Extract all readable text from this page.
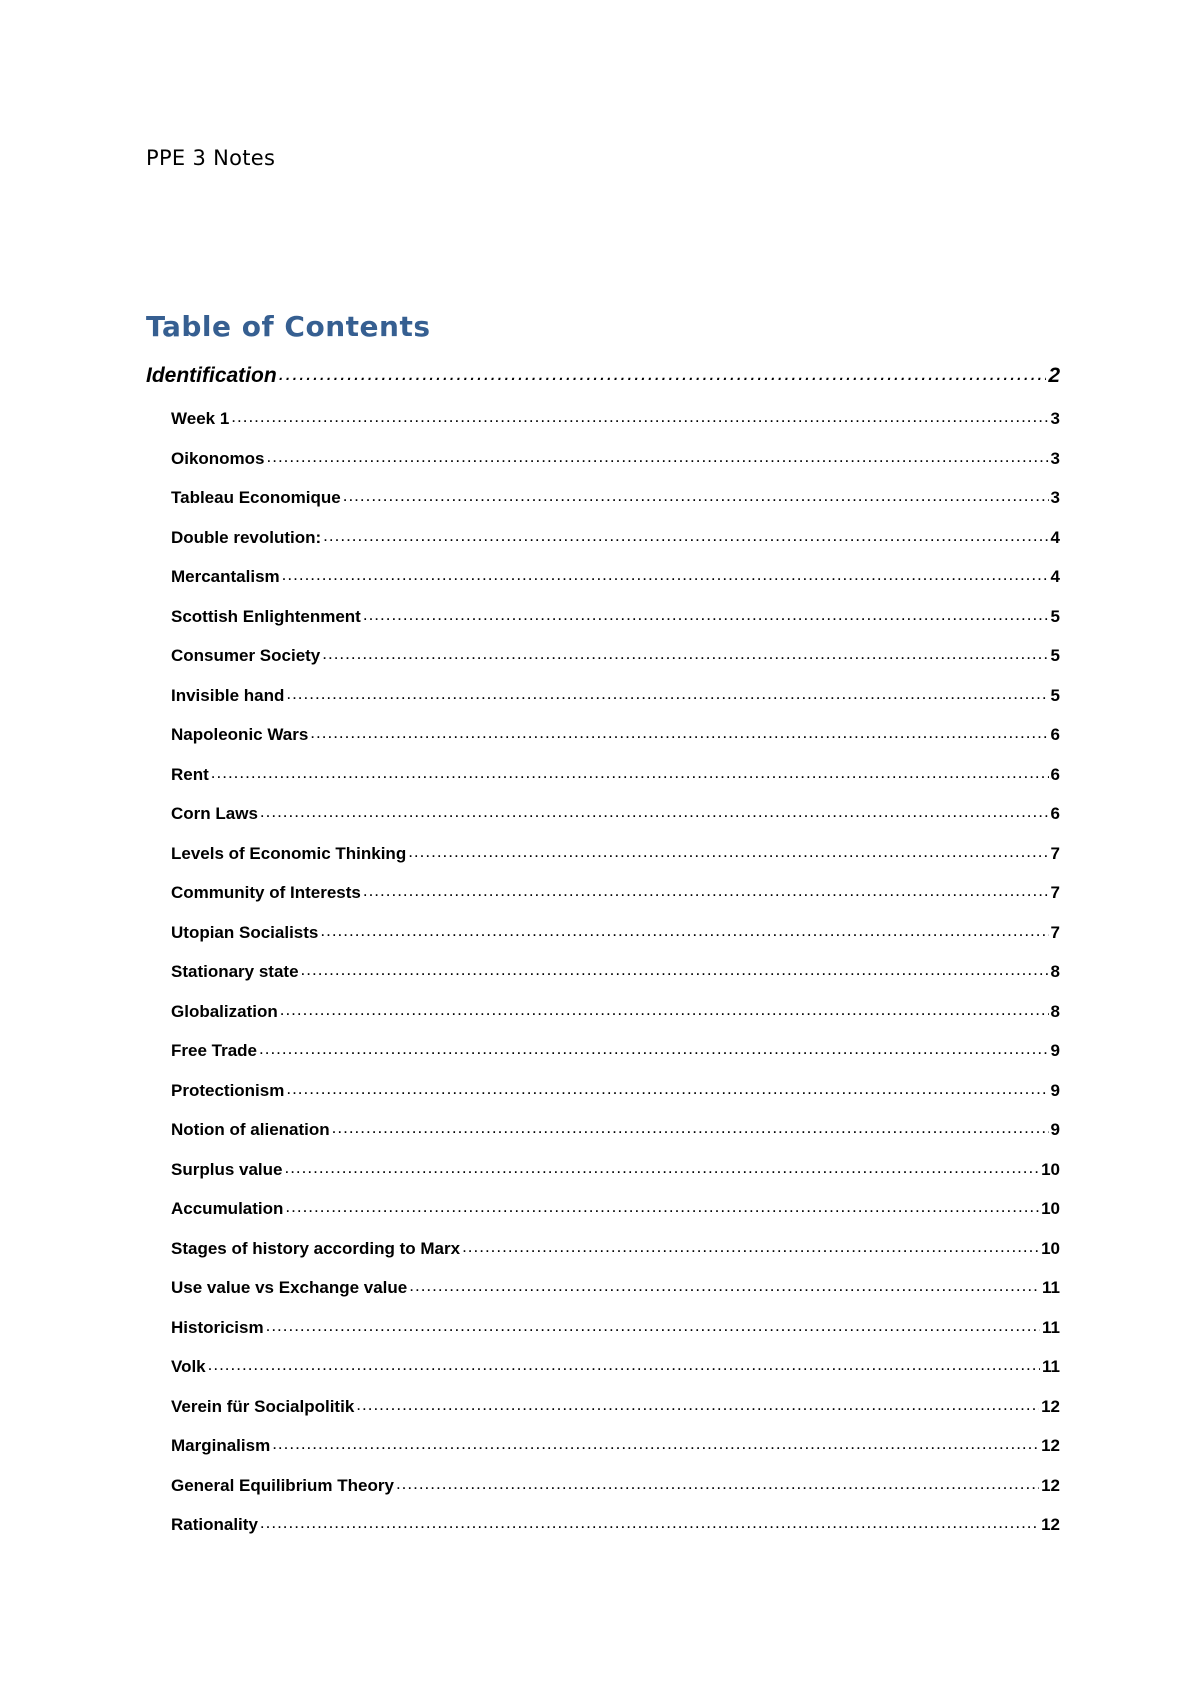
PPE 3 Notes
Table of Contents
Identification .....	2
Week 1 .....	3
Oikonomos .....	3
Tableau Economique .....	3
Double revolution: .....	4
Mercantalism .....	4
Scottish Enlightenment .....	5
Consumer Society .....	5
Invisible hand .....	5
Napoleonic Wars .....	6
Rent .....	6
Corn Laws .....	6
Levels of Economic Thinking .....	7
Community of Interests .....	7
Utopian Socialists .....	7
Stationary state .....	8
Globalization .....	8
Free Trade .....	9
Protectionism .....	9
Notion of alienation .....	9
Surplus value .....	10
Accumulation .....	10
Stages of history according to Marx .....	10
Use value vs Exchange value .....	11
Historicism .....	11
Volk .....	11
Verein für Socialpolitik .....	12
Marginalism .....	12
General Equilibrium Theory .....	12
Rationality .....	12
